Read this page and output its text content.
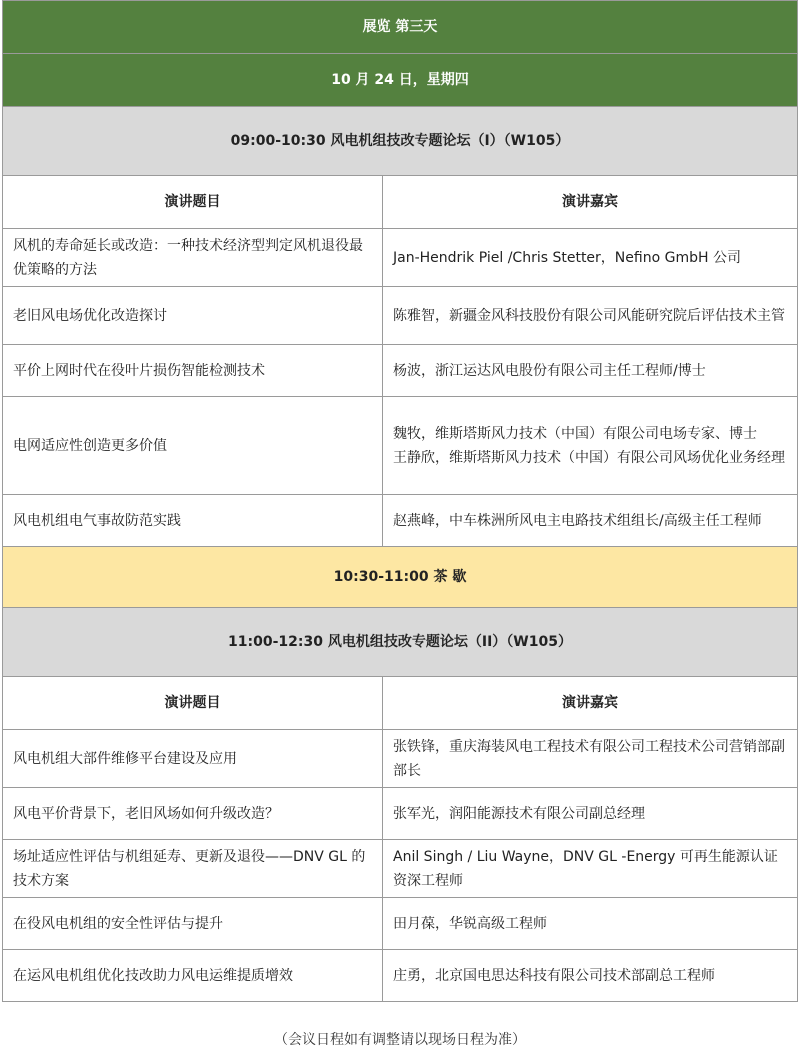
展览 第三天	
10 月 24 日，星期四	
09:00-10:30 风电机组技改专题论坛（I）（W105）	
演讲题目	演讲嘉宾
风机的寿命延长或改造：一种技术经济型判定风机退役最优策略的方法	Jan-Hendrik Piel /Chris Stetter，Nefino GmbH 公司
老旧风电场优化改造探讨	陈雅智，新疆金风科技股份有限公司风能研究院后评估技术主管
平价上网时代在役叶片损伤智能检测技术	杨波，浙江运达风电股份有限公司主任工程师/博士
电网适应性创造更多价值	魏牧，维斯塔斯风力技术（中国）有限公司电场专家、博士
王静欣，维斯塔斯风力技术（中国）有限公司风场优化业务经理

风电机组电气事故防范实践	赵燕峰，中车株洲所风电主电路技术组组长/高级主任工程师
10:30-11:00 茶 歇	
11:00-12:30 风电机组技改专题论坛（II）（W105）	
演讲题目	演讲嘉宾
风电机组大部件维修平台建设及应用	张铁锋，重庆海装风电工程技术有限公司工程技术公司营销部副部长
风电平价背景下，老旧风场如何升级改造？	张军光，润阳能源技术有限公司副总经理
场址适应性评估与机组延寿、更新及退役——DNV GL 的技术方案	Anil Singh / Liu Wayne，DNV GL -Energy 可再生能源认证资深工程师
在役风电机组的安全性评估与提升	田月葆，华锐高级工程师
在运风电机组优化技改助力风电运维提质增效	庄勇，北京国电思达科技有限公司技术部副总工程师
（会议日程如有调整请以现场日程为准）
